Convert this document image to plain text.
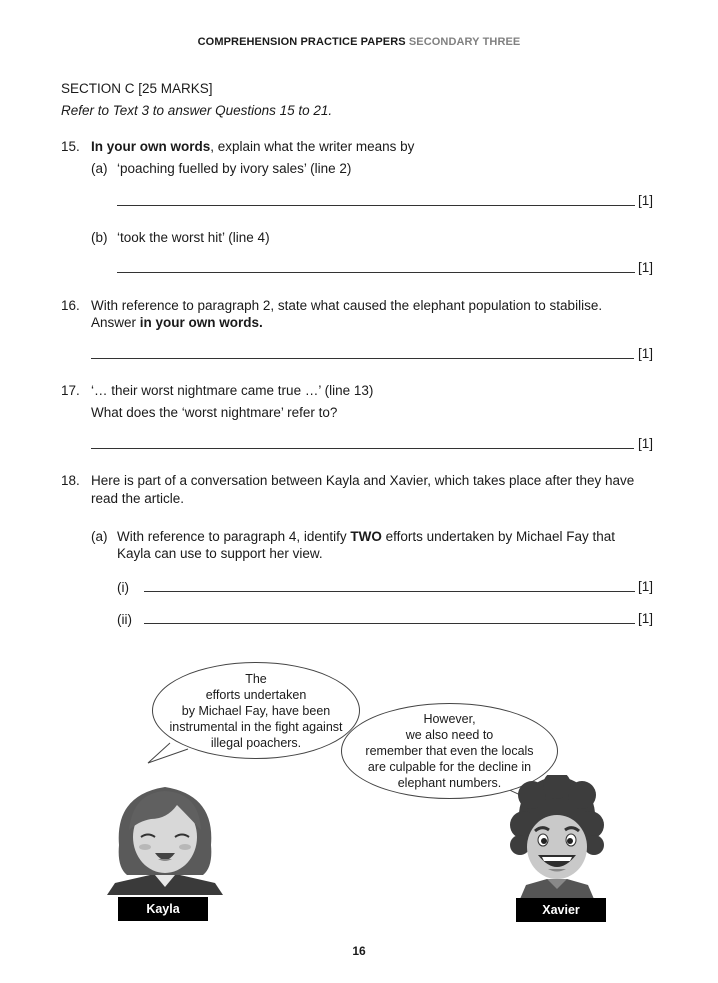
COMPREHENSION PRACTICE PAPERS SECONDARY THREE
SECTION C [25 MARKS]
Refer to Text 3 to answer Questions 15 to 21.
15. In your own words, explain what the writer means by
(a) ‘poaching fuelled by ivory sales’ (line 2)
[1]
(b) ‘took the worst hit’ (line 4)
[1]
16. With reference to paragraph 2, state what caused the elephant population to stabilise.
Answer in your own words.
[1]
17. ‘… their worst nightmare came true …’ (line 13)
What does the ‘worst nightmare’ refer to?
[1]
18. Here is part of a conversation between Kayla and Xavier, which takes place after they have
read the article.
(a) With reference to paragraph 4, identify TWO efforts undertaken by Michael Fay that
Kayla can use to support her view.
(i)	[1]
(ii)	[1]
The
efforts undertaken
by Michael Fay, have been
instrumental in the fight against
illegal poachers.
However,
we also need to
remember that even the locals
are culpable for the decline in
elephant numbers.
Kayla	Xavier
16
